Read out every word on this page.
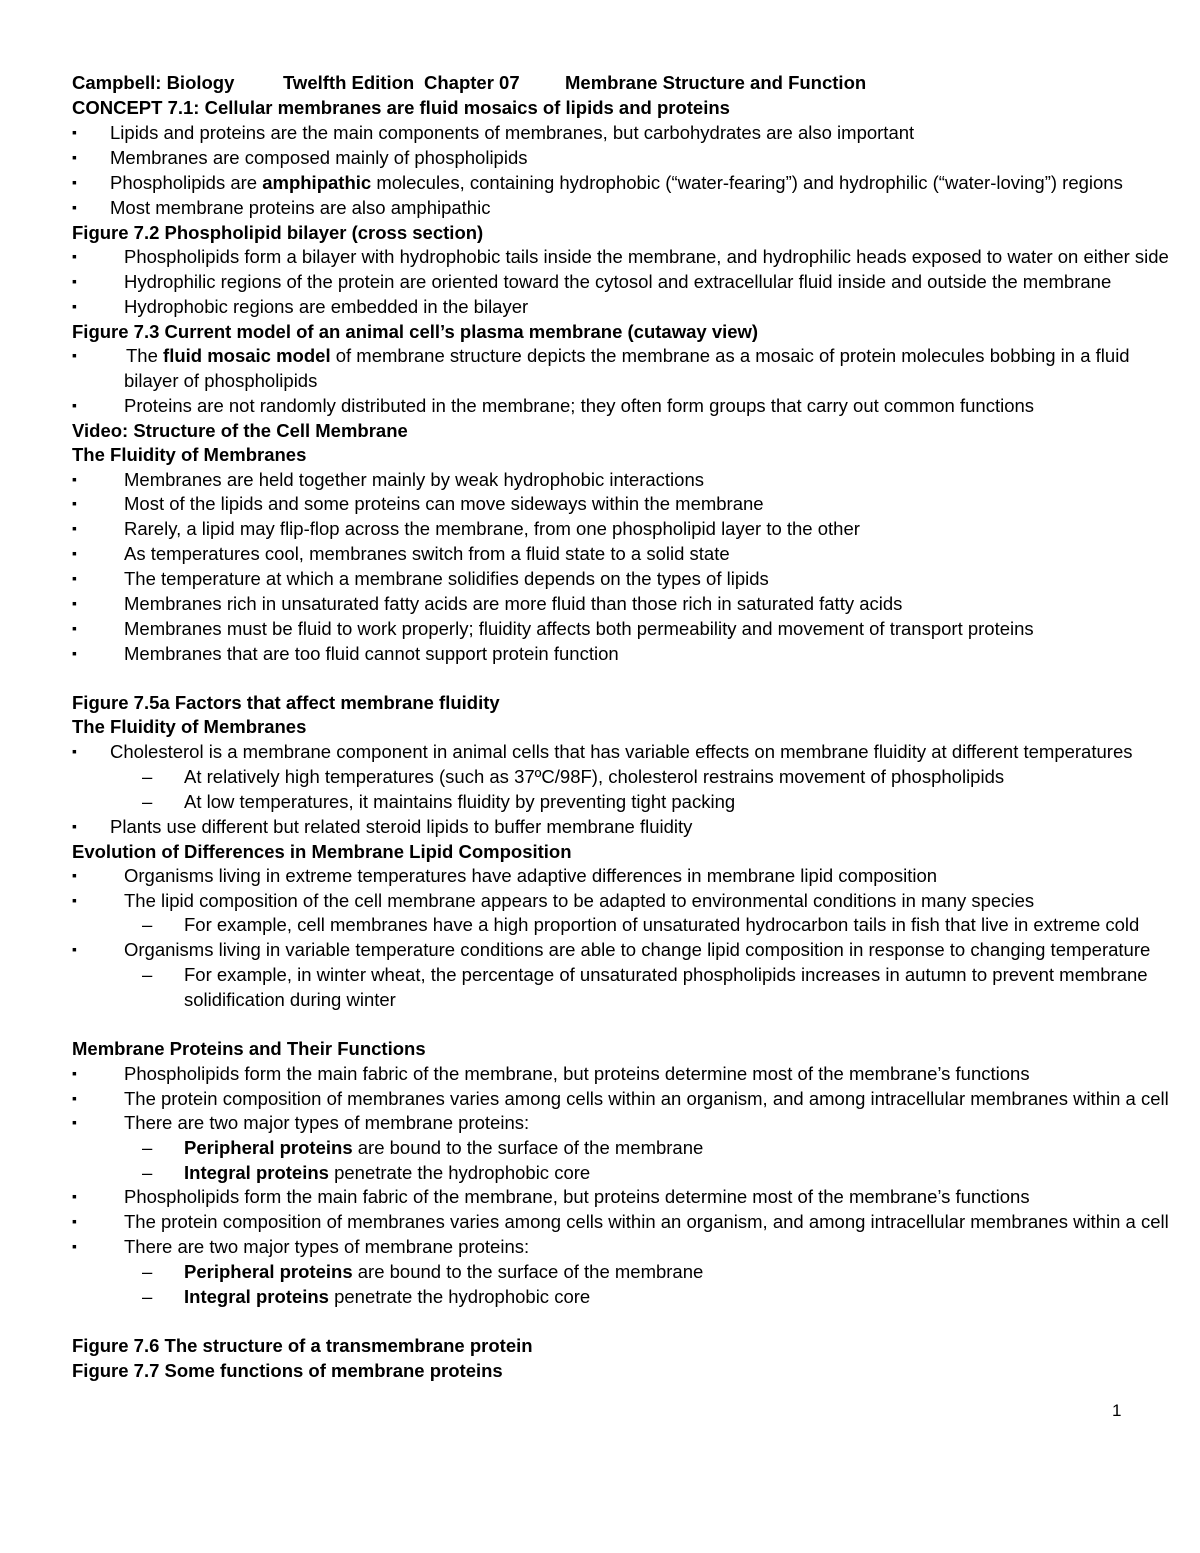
Campbell: Biology	Twelfth Edition Chapter 07 Membrane Structure and Function
CONCEPT 7.1: Cellular membranes are fluid mosaics of lipids and proteins
▪ Lipids and proteins are the main components of membranes, but carbohydrates are also important
▪ Membranes are composed mainly of phospholipids
▪ Phospholipids are amphipathic molecules, containing hydrophobic (“water-fearing”) and hydrophilic (“water-loving”) regions
▪ Most membrane proteins are also amphipathic
Figure 7.2 Phospholipid bilayer (cross section)
▪	Phospholipids form a bilayer with hydrophobic tails inside the membrane, and hydrophilic heads exposed to water on either side
▪	Hydrophilic regions of the protein are oriented toward the cytosol and extracellular fluid inside and outside the membrane
▪	Hydrophobic regions are embedded in the bilayer
Figure 7.3 Current model of an animal cell’s plasma membrane (cutaway view)
▪	The fluid mosaic model of membrane structure depicts the membrane as a mosaic of protein molecules bobbing in a fluid
bilayer of phospholipids
▪	Proteins are not randomly distributed in the membrane; they often form groups that carry out common functions
Video: Structure of the Cell Membrane
The Fluidity of Membranes
▪	Membranes are held together mainly by weak hydrophobic interactions
▪	Most of the lipids and some proteins can move sideways within the membrane
▪	Rarely, a lipid may flip-flop across the membrane, from one phospholipid layer to the other
▪	As temperatures cool, membranes switch from a fluid state to a solid state
▪	The temperature at which a membrane solidifies depends on the types of lipids
▪	Membranes rich in unsaturated fatty acids are more fluid than those rich in saturated fatty acids
▪	Membranes must be fluid to work properly; fluidity affects both permeability and movement of transport proteins
▪	Membranes that are too fluid cannot support protein function
Figure 7.5a Factors that affect membrane fluidity
The Fluidity of Membranes
▪ Cholesterol is a membrane component in animal cells that has variable effects on membrane fluidity at different temperatures
– At relatively high temperatures (such as 37ºC/98F), cholesterol restrains movement of phospholipids
– At low temperatures, it maintains fluidity by preventing tight packing
▪ Plants use different but related steroid lipids to buffer membrane fluidity
Evolution of Differences in Membrane Lipid Composition
▪	Organisms living in extreme temperatures have adaptive differences in membrane lipid composition
▪	The lipid composition of the cell membrane appears to be adapted to environmental conditions in many species
– For example, cell membranes have a high proportion of unsaturated hydrocarbon tails in fish that live in extreme cold
▪	Organisms living in variable temperature conditions are able to change lipid composition in response to changing temperature
– For example, in winter wheat, the percentage of unsaturated phospholipids increases in autumn to prevent membrane
solidification during winter
Membrane Proteins and Their Functions
▪	Phospholipids form the main fabric of the membrane, but proteins determine most of the membrane’s functions
▪	The protein composition of membranes varies among cells within an organism, and among intracellular membranes within a cell
▪	There are two major types of membrane proteins:
– Peripheral proteins are bound to the surface of the membrane
– Integral proteins penetrate the hydrophobic core
▪	Phospholipids form the main fabric of the membrane, but proteins determine most of the membrane’s functions
▪	The protein composition of membranes varies among cells within an organism, and among intracellular membranes within a cell
▪	There are two major types of membrane proteins:
– Peripheral proteins are bound to the surface of the membrane
– Integral proteins penetrate the hydrophobic core
Figure 7.6 The structure of a transmembrane protein
Figure 7.7 Some functions of membrane proteins
1
